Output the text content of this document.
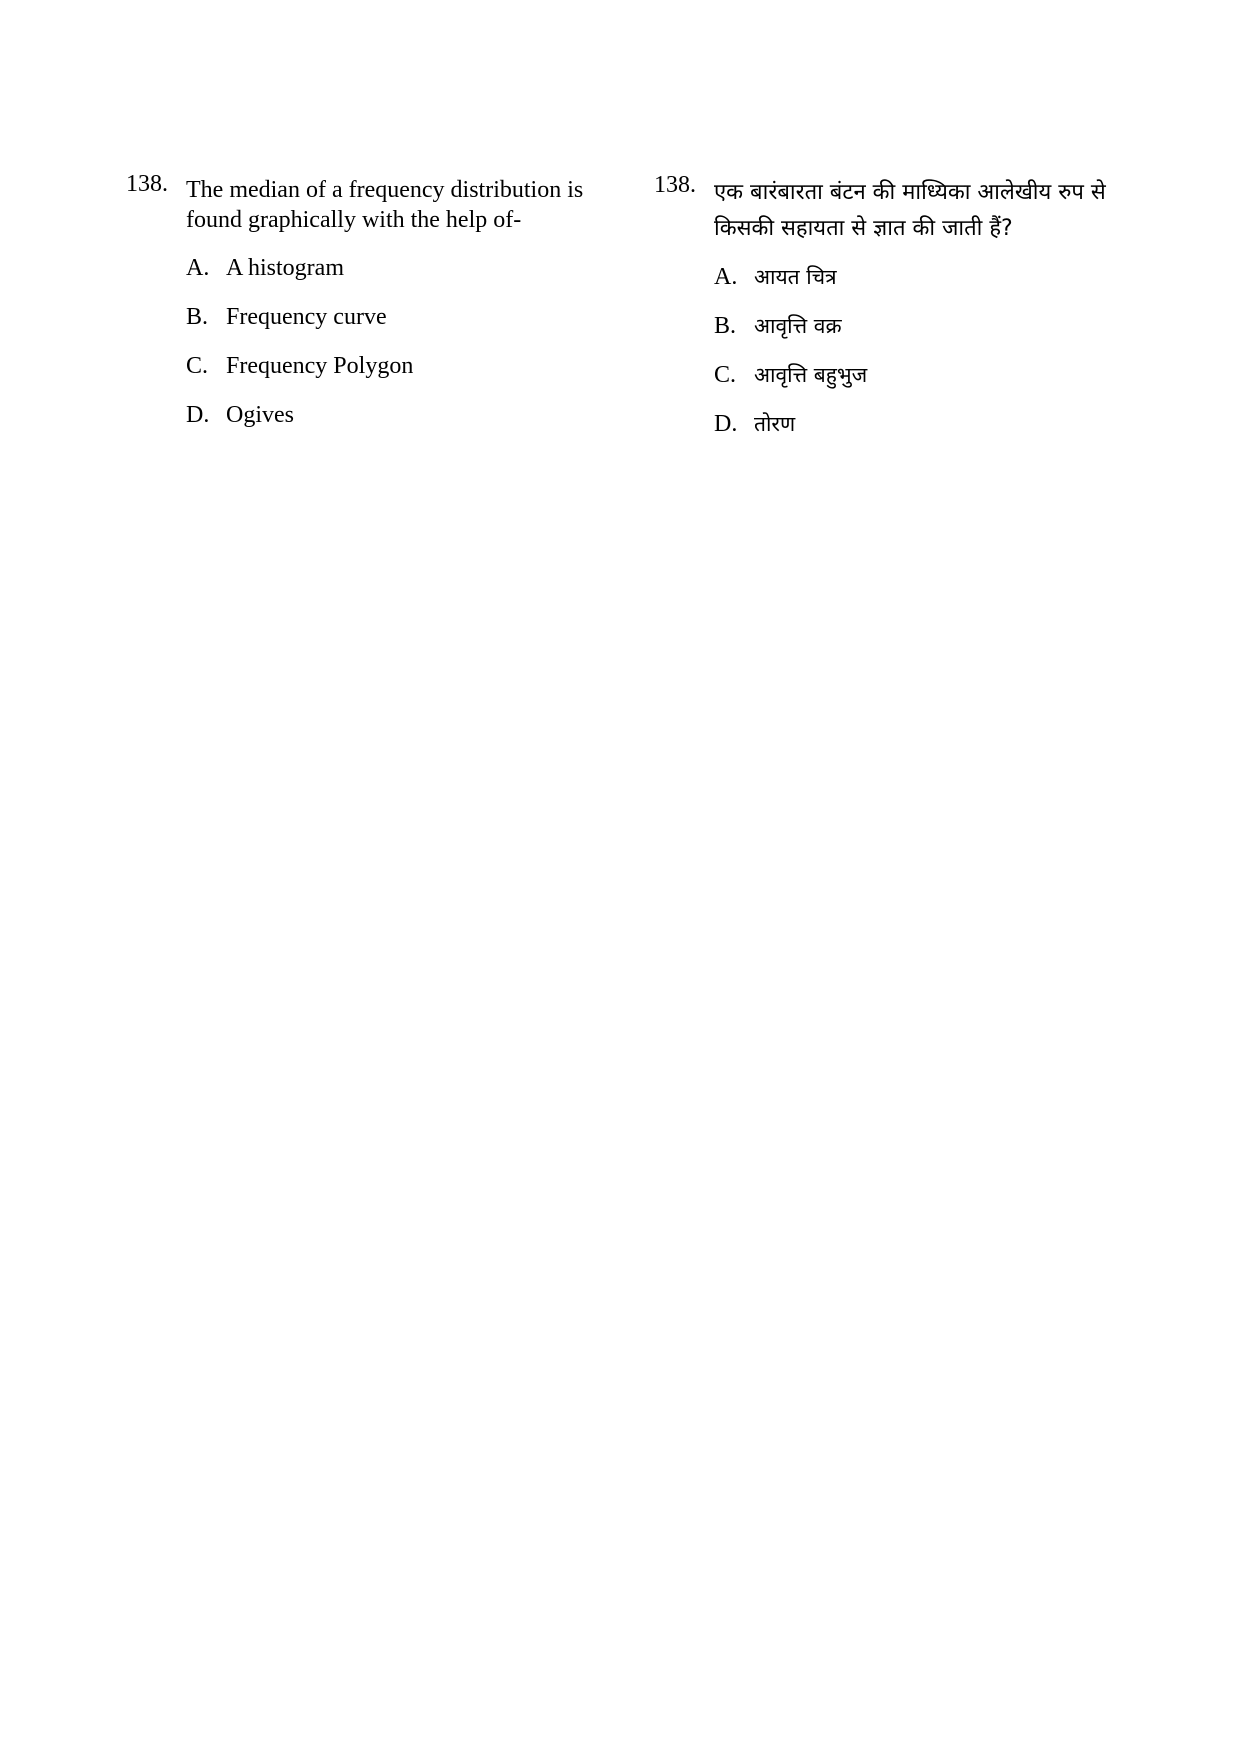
138. The median of a frequency distribution is found graphically with the help of-
A. A histogram
B. Frequency curve
C. Frequency Polygon
D. Ogives
138. एक बारंबारता बंटन की माध्यिका आलेखीय रुप से किसकी सहायता से ज्ञात की जाती हैं?
A. आयत चित्र
B. आवृत्ति वक्र
C. आवृत्ति बहुभुज
D. तोरण
